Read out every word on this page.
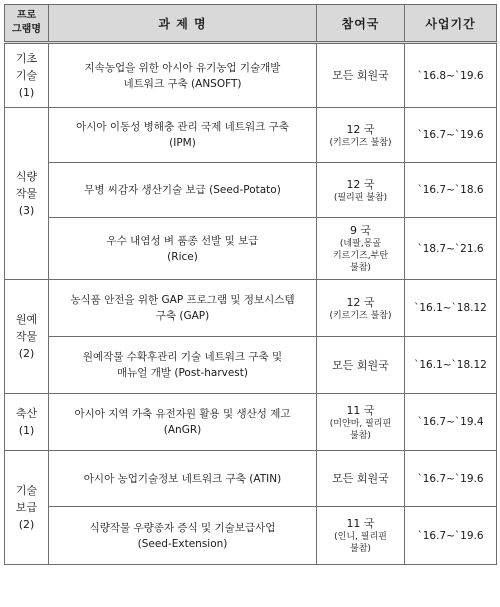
프로
그램명	과 제 명	참여국	사업기간

기초
기술
(1)	지속농업을 위한 아시아 유기농업 기술개발
네트워크 구축 (ANSOFT)	모든 회원국	`16.8~`19.6

식량
작물
(3)	아시아 이동성 병해충 관리 국제 네트워크 구축
(IPM)	12 국
(키르기즈 불참)	`16.7~`19.6

	무병 씨감자 생산기술 보급 (Seed-Potato)	12 국
(필리핀 불참)	`16.7~`18.6

	우수 내염성 벼 품종 선발 및 보급
(Rice)	9 국
(네팔,몽골
키르기즈,부탄
불참)	`18.7~`21.6

원예
작물
(2)	농식품 안전을 위한 GAP 프로그램 및 정보시스템
구축 (GAP)	12 국
(키르기즈 불참)	`16.1~`18.12

	원예작물 수확후관리 기술 네트워크 구축 및
매뉴얼 개발 (Post-harvest)	모든 회원국	`16.1~`18.12

축산
(1)	아시아 지역 가축 유전자원 활용 및 생산성 제고
(AnGR)	11 국
(미얀마, 필리핀
불참)	`16.7~`19.4

기술
보급
(2)	아시아 농업기술정보 네트워크 구축 (ATIN)	모든 회원국	`16.7~`19.6

	식량작물 우량종자 증식 및 기술보급사업
(Seed-Extension)	11 국
(인니, 필리핀
불참)	`16.7~`19.6
